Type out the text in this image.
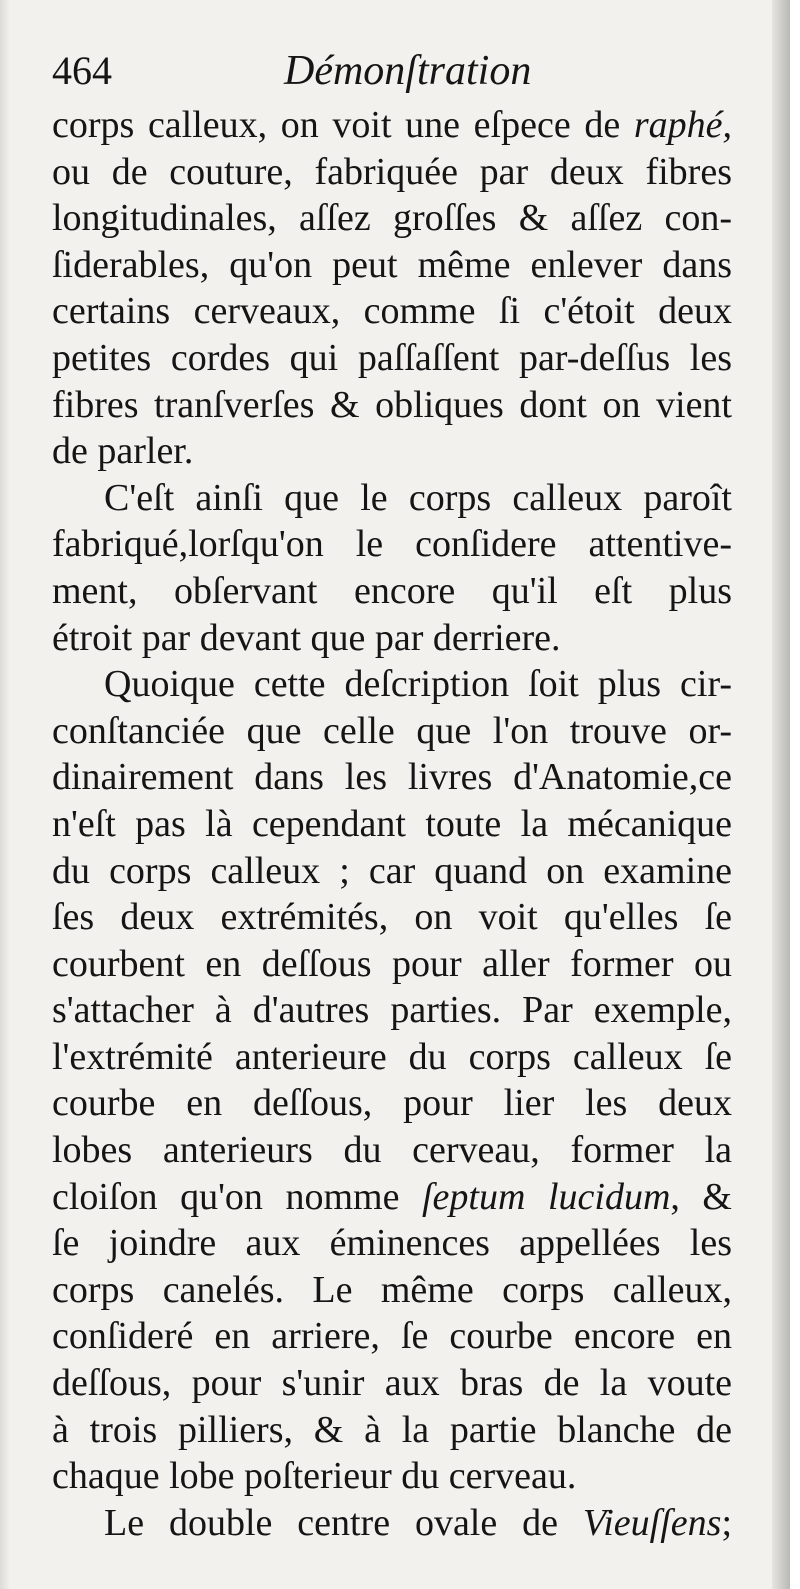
464	Démonſtration
corps calleux, on voit une eſpece de raphé,
ou de couture, fabriquée par deux fibres
longitudinales, aſſez groſſes & aſſez con-
ſiderables, qu'on peut même enlever dans
certains cerveaux, comme ſi c'étoit deux
petites cordes qui paſſaſſent par-deſſus les
fibres tranſverſes & obliques dont on vient
de parler.
C'eſt ainſi que le corps calleux paroît
fabriqué,lorſqu'on le conſidere attentive-
ment, obſervant encore qu'il eſt plus
étroit par devant que par derriere.
Quoique cette deſcription ſoit plus cir-
conſtanciée que celle que l'on trouve or-
dinairement dans les livres d'Anatomie,ce
n'eſt pas là cependant toute la mécanique
du corps calleux ; car quand on examine
ſes deux extrémités, on voit qu'elles ſe
courbent en deſſous pour aller former ou
s'attacher à d'autres parties. Par exemple,
l'extrémité anterieure du corps calleux ſe
courbe en deſſous, pour lier les deux
lobes anterieurs du cerveau, former la
cloiſon qu'on nomme ſeptum lucidum, &
ſe joindre aux éminences appellées les
corps canelés. Le même corps calleux,
conſideré en arriere, ſe courbe encore en
deſſous, pour s'unir aux bras de la voute
à trois pilliers, & à la partie blanche de
chaque lobe poſterieur du cerveau.
Le double centre ovale de Vieuſſens;
